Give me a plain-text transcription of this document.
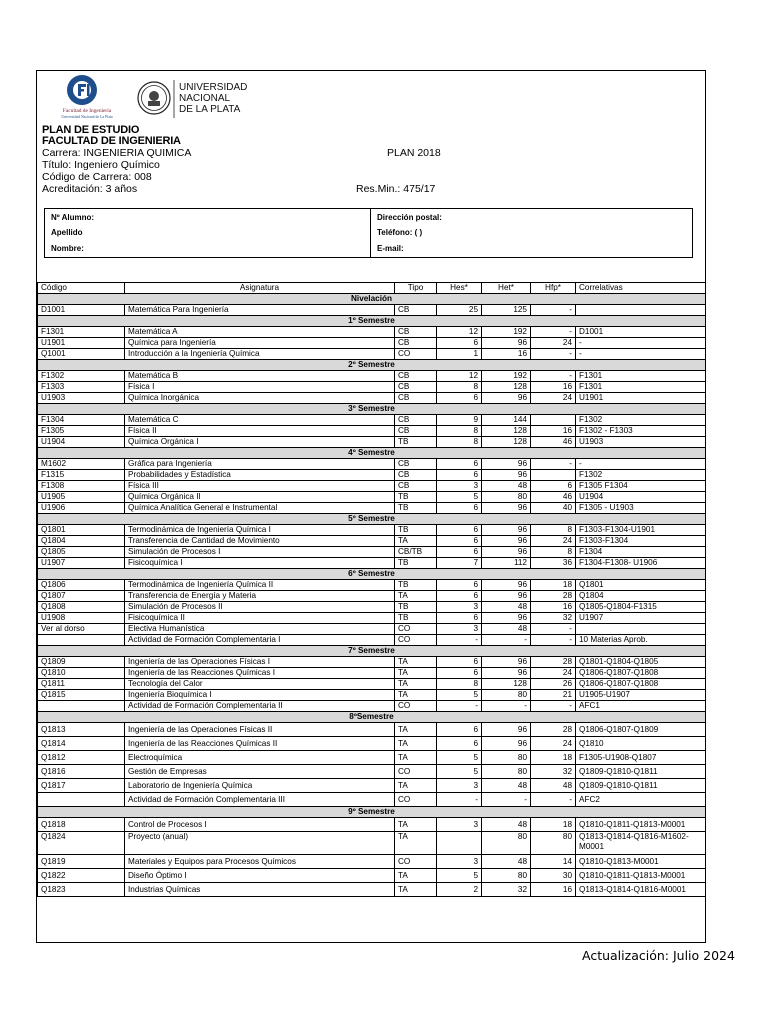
Facultad de Ingeniería
Universidad Nacional de La Plata
UNIVERSIDAD
NACIONAL
DE LA PLATA
PLAN DE ESTUDIO
FACULTAD DE INGENIERIA
Carrera: INGENIERIA QUIMICA	PLAN 2018
Título: Ingeniero Químico
Código de Carrera: 008
Acreditación: 3 años	Res.Min.: 475/17
Nº Alumno:	Dirección postal:
Apellido	Teléfono: ( )
Nombre:	E-mail:
Código	Asignatura	Tipo	Hes*	Het*	Hfp*	Correlativas
Nivelación						
D1001	Matemática Para Ingeniería	CB	25	125	-	
1º Semestre						
F1301	Matemática A	CB	12	192	-	D1001
U1901	Química para Ingeniería	CB	6	96	24	-
Q1001	Introducción a la Ingeniería Química	CO	1	16	-	-
2º Semestre						
F1302	Matemática B	CB	12	192	-	F1301
F1303	Física I	CB	8	128	16	F1301
U1903	Química Inorgánica	CB	6	96	24	U1901
3º Semestre						
F1304	Matemática C	CB	9	144		F1302
F1305	Física II	CB	8	128	16	F1302 - F1303
U1904	Química Orgánica I	TB	8	128	46	U1903
4º Semestre						
M1602	Gráfica para Ingeniería	CB	6	96	-	-
F1315	Probabilidades y Estadística	CB	6	96		F1302
F1308	Física III	CB	3	48	6	F1305 F1304
U1905	Química Orgánica II	TB	5	80	46	U1904
U1906	Química Analítica General e Instrumental	TB	6	96	40	F1305 - U1903
5º Semestre						
Q1801	Termodinámica de Ingeniería Química I	TB	6	96	8	F1303-F1304-U1901
Q1804	Transferencia de Cantidad de Movimiento	TA	6	96	24	F1303-F1304
Q1805	Simulación de Procesos I	CB/TB	6	96	8	F1304
U1907	Fisicoquímica I	TB	7	112	36	F1304-F1308- U1906
6º Semestre						
Q1806	Termodinámica de Ingeniería Química II	TB	6	96	18	Q1801
Q1807	Transferencia de Energía y Materia	TA	6	96	28	Q1804
Q1808	Simulación de Procesos II	TB	3	48	16	Q1805-Q1804-F1315
U1908	Fisicoquímica II	TB	6	96	32	U1907
Ver al dorso	Electiva Humanística	CO	3	48	-	
	Actividad de Formación Complementaria I	CO	-	-	-	10 Materias Aprob.
7º Semestre						
Q1809	Ingeniería de las Operaciones Físicas I	TA	6	96	28	Q1801-Q1804-Q1805
Q1810	Ingeniería de las Reacciones Químicas I	TA	6	96	24	Q1806-Q1807-Q1808
Q1811	Tecnología del Calor	TA	8	128	26	Q1806-Q1807-Q1808
Q1815	Ingeniería Bioquímica I	TA	5	80	21	U1905-U1907
	Actividad de Formación Complementaria II	CO	-	-	-	AFC1
8ºSemestre						
Q1813	Ingeniería de las Operaciones Físicas II	TA	6	96	28	Q1806-Q1807-Q1809
Q1814	Ingeniería de las Reacciones Químicas II	TA	6	96	24	Q1810
Q1812	Electroquímica	TA	5	80	18	F1305-U1908-Q1807
Q1816	Gestión de Empresas	CO	5	80	32	Q1809-Q1810-Q1811
Q1817	Laboratorio de Ingeniería Química	TA	3	48	48	Q1809-Q1810-Q1811
	Actividad de Formación Complementaria III	CO	-	-	-	AFC2
9º Semestre						
Q1818	Control de Procesos I	TA	3	48	18	Q1810-Q1811-Q1813-M0001
Q1824	Proyecto (anual)	TA		80	80	Q1813-Q1814-Q1816-M1602-M0001
Q1819	Materiales y Equipos para Procesos Químicos	CO	3	48	14	Q1810-Q1813-M0001
Q1822	Diseño Óptimo I	TA	5	80	30	Q1810-Q1811-Q1813-M0001
Q1823	Industrias Químicas	TA	2	32	16	Q1813-Q1814-Q1816-M0001
Actualización: Julio 2024
